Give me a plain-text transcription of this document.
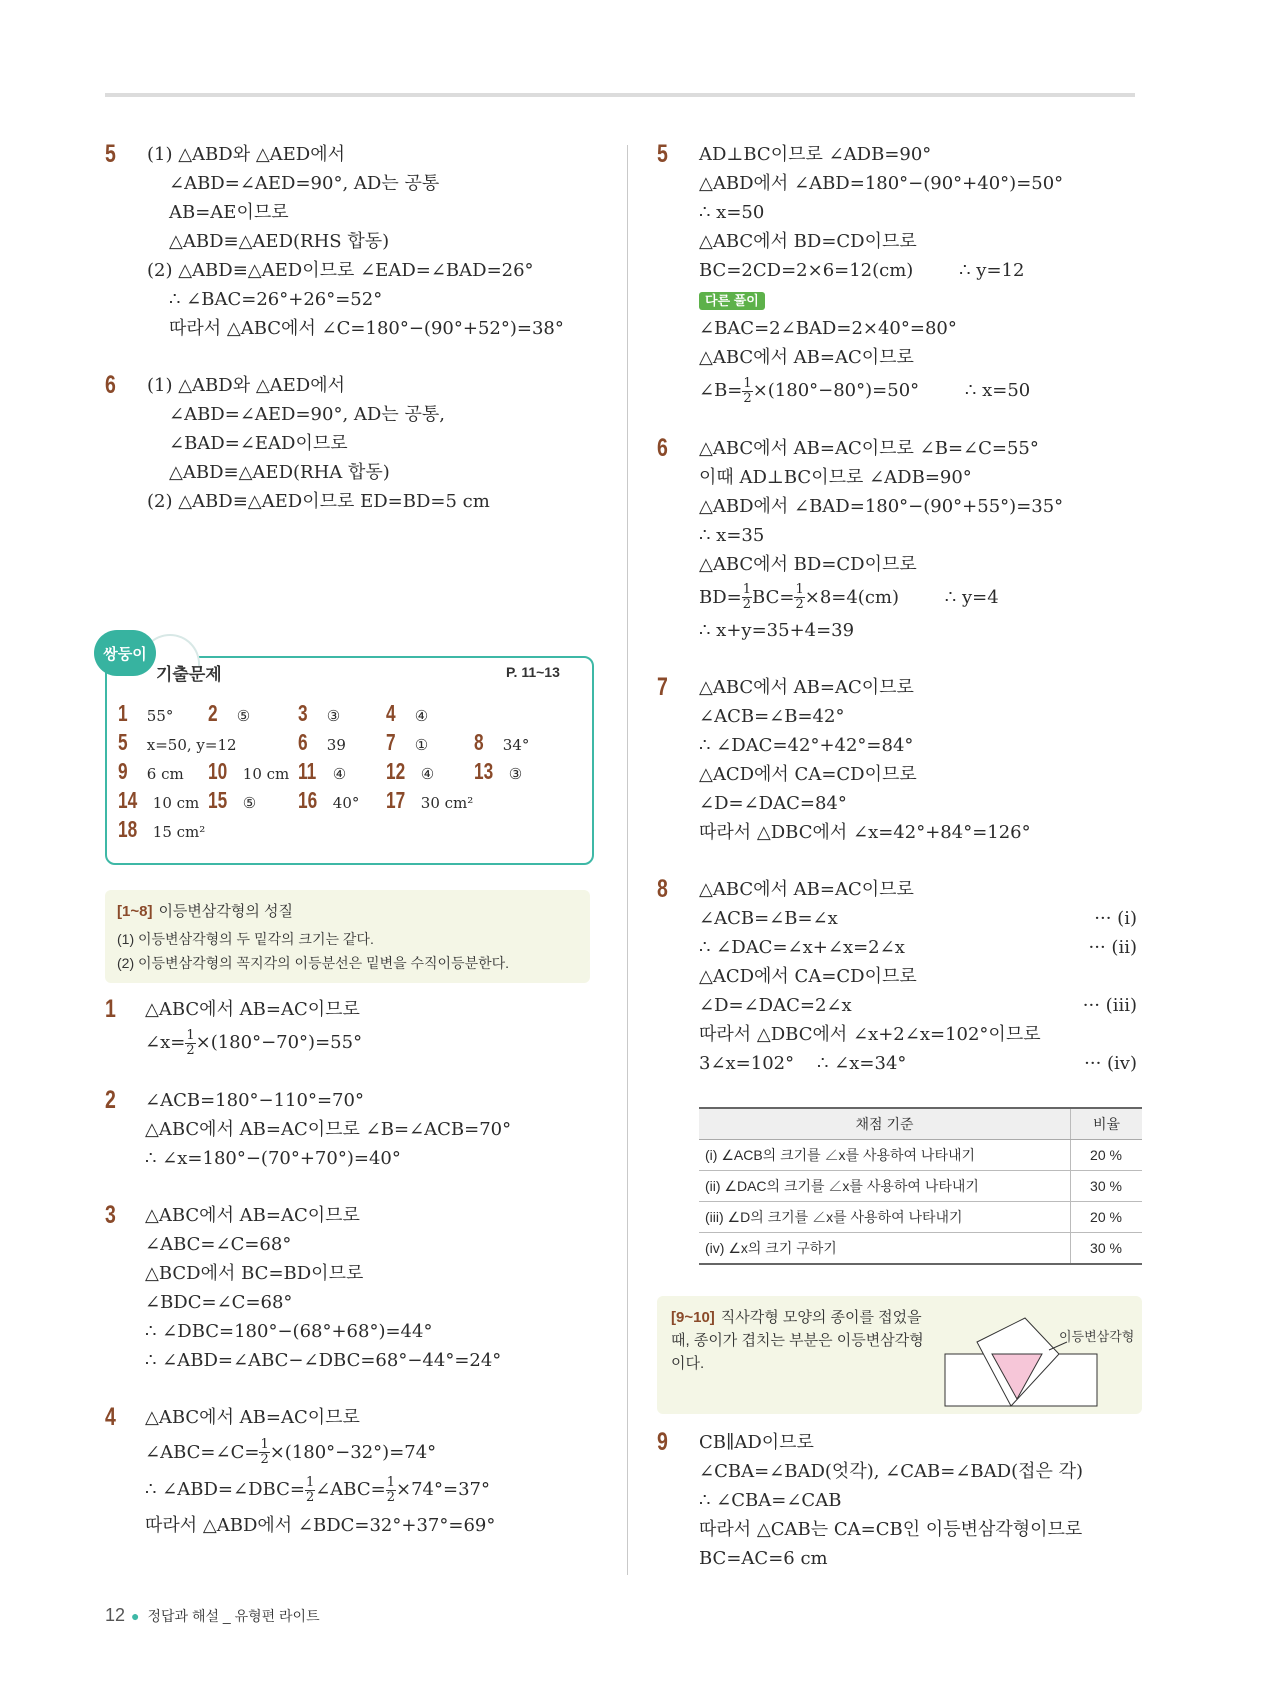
5	(1) △ABD와 △AED에서
∠ABD=∠AED=90°, AD는 공통
AB=AE이므로
△ABD≡△AED(RHS 합동)
(2) △ABD≡△AED이므로 ∠EAD=∠BAD=26°
∴ ∠BAC=26°+26°=52°
따라서 △ABC에서 ∠C=180°−(90°+52°)=38°
6	(1) △ABD와 △AED에서
∠ABD=∠AED=90°, AD는 공통,
∠BAD=∠EAD이므로
△ABD≡△AED(RHA 합동)
(2) △ABD≡△AED이므로 ED=BD=5 cm
쌍둥이
기출문제	P. 11~13
1 55° 2 ⑤ 3 ③ 4 ④
5 x=50, y=12	6 39 7 ① 8 34°
9 6 cm 10 10 cm 11 ④ 12 ④ 13 ③
14 10 cm 15 ⑤ 16 40° 17 30 cm²
18 15 cm²
[1~8] 이등변삼각형의 성질
(1) 이등변삼각형의 두 밑각의 크기는 같다.
(2) 이등변삼각형의 꼭지각의 이등분선은 밑변을 수직이등분한다.
1	△ABC에서 AB=AC이므로
∠x= $\frac{1}{2} \times(180^\circ-70^\circ)=55^\circ$
2	∠ACB=180°−110°=70°
△ABC에서 AB=AC이므로 ∠B=∠ACB=70°
∴ ∠x=180°−(70°+70°)=40°
3	△ABC에서 AB=AC이므로
∠ABC=∠C=68°
△BCD에서 BC=BD이므로
∠BDC=∠C=68°
∴ ∠DBC=180°−(68°+68°)=44°
∴ ∠ABD=∠ABC−∠DBC=68°−44°=24°
4	△ABC에서 AB=AC이므로
∠ABC=∠C= $\frac{1}{2} \times(180^\circ-32^\circ)=74^\circ$
∴ ∠ABD=∠DBC= $\frac{1}{2}$ ∠ABC= $\frac{1}{2} \times 74^\circ=37^\circ$
따라서 △ABD에서 ∠BDC=32°+37°=69°
5	AD⊥BC이므로 ∠ADB=90°
△ABD에서 ∠ABD=180°−(90°+40°)=50°
∴ x=50
△ABC에서 BD=CD이므로
BC=2CD=2×6=12(cm)        ∴ y=12
다른 풀이
∠BAC=2∠BAD=2×40°=80°
△ABC에서 AB=AC이므로
∠B= $\frac{1}{2} \times(180^\circ-80^\circ)=50^\circ$        ∴ x=50
6	△ABC에서 AB=AC이므로 ∠B=∠C=55°
이때 AD⊥BC이므로 ∠ADB=90°
△ABD에서 ∠BAD=180°−(90°+55°)=35°
∴ x=35
△ABC에서 BD=CD이므로
$BD= \frac{1}{2} BC= \frac{1}{2} \times 8=4(cm)$        ∴ y=4
∴ x+y=35+4=39
7	△ABC에서 AB=AC이므로
∠ACB=∠B=42°
∴ ∠DAC=42°+42°=84°
△ACD에서 CA=CD이므로
∠D=∠DAC=84°
따라서 △DBC에서 ∠x=42°+84°=126°
8	△ABC에서 AB=AC이므로
∠ACB=∠B=∠x	··· (i)
∴ ∠DAC=∠x+∠x=2∠x	··· (ii)
△ACD에서 CA=CD이므로
∠D=∠DAC=2∠x	··· (iii)
따라서 △DBC에서 ∠x+2∠x=102°이므로
3∠x=102°    ∴ ∠x=34°	··· (iv)
채점 기준	비율
(i) ∠ACB의 크기를 ∠x를 사용하여 나타내기	20 %
(ii) ∠DAC의 크기를 ∠x를 사용하여 나타내기	30 %
(iii) ∠D의 크기를 ∠x를 사용하여 나타내기	20 %
(iv) ∠x의 크기 구하기	30 %
[9~10] 직사각형 모양의 종이를 접었을 때, 종이가 겹치는 부분은 이등변삼각형이다.
이등변삼각형
9	CB∥AD이므로
∠CBA=∠BAD(엇각), ∠CAB=∠BAD(접은 각)
∴ ∠CBA=∠CAB
따라서 △CAB는 CA=CB인 이등변삼각형이므로
BC=AC=6 cm
12 ● 정답과 해설 _ 유형편 라이트
